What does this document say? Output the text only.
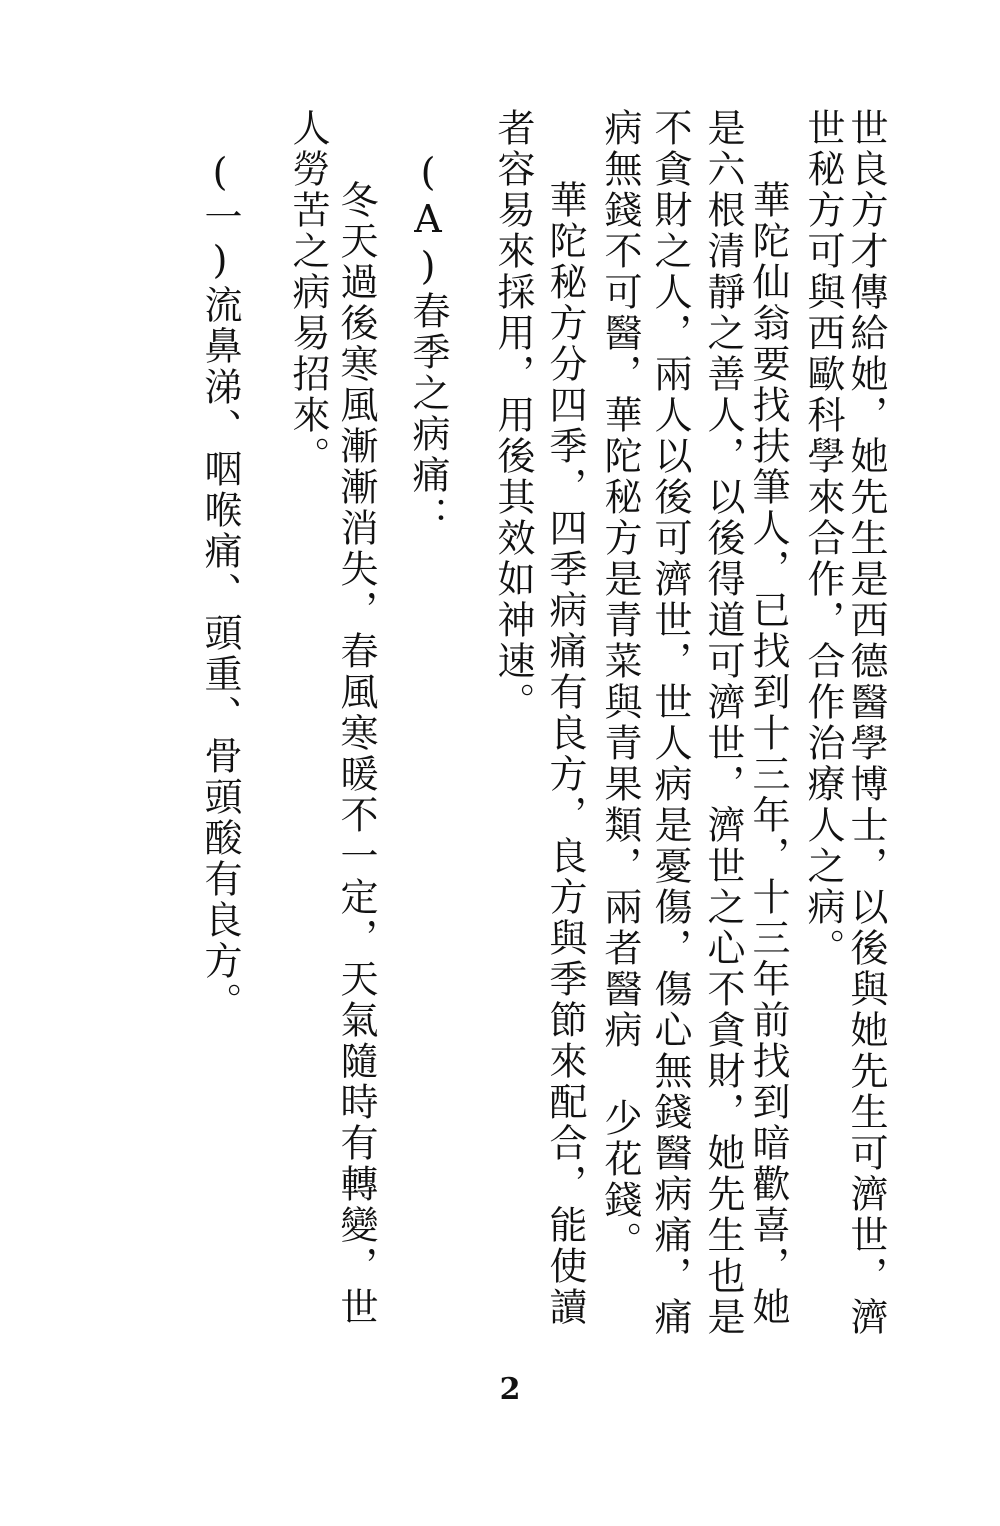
世良方才傳給她，她先生是西德醫學博士，以後與她先生可濟世，濟

世秘方可與西歐科學來合作，合作治療人之病。

華陀仙翁要找扶筆人，已找到十三年，十三年前找到暗歡喜，她

是六根清靜之善人，以後得道可濟世，濟世之心不貪財，她先生也是

不貪財之人，兩人以後可濟世，世人病是憂傷，傷心無錢醫病痛，痛

病無錢不可醫，華陀秘方是青菜與青果類，兩者醫病 少花錢。

華陀秘方分四季，四季病痛有良方，良方與季節來配合，能使讀

者容易來採用，用後其效如神速。

(A)春季之病痛：

冬天過後寒風漸漸消失，春風寒暖不一定，天氣隨時有轉變，世

人勞苦之病易招來。

(一)流鼻涕、咽喉痛、頭重、骨頭酸有良方。

2
